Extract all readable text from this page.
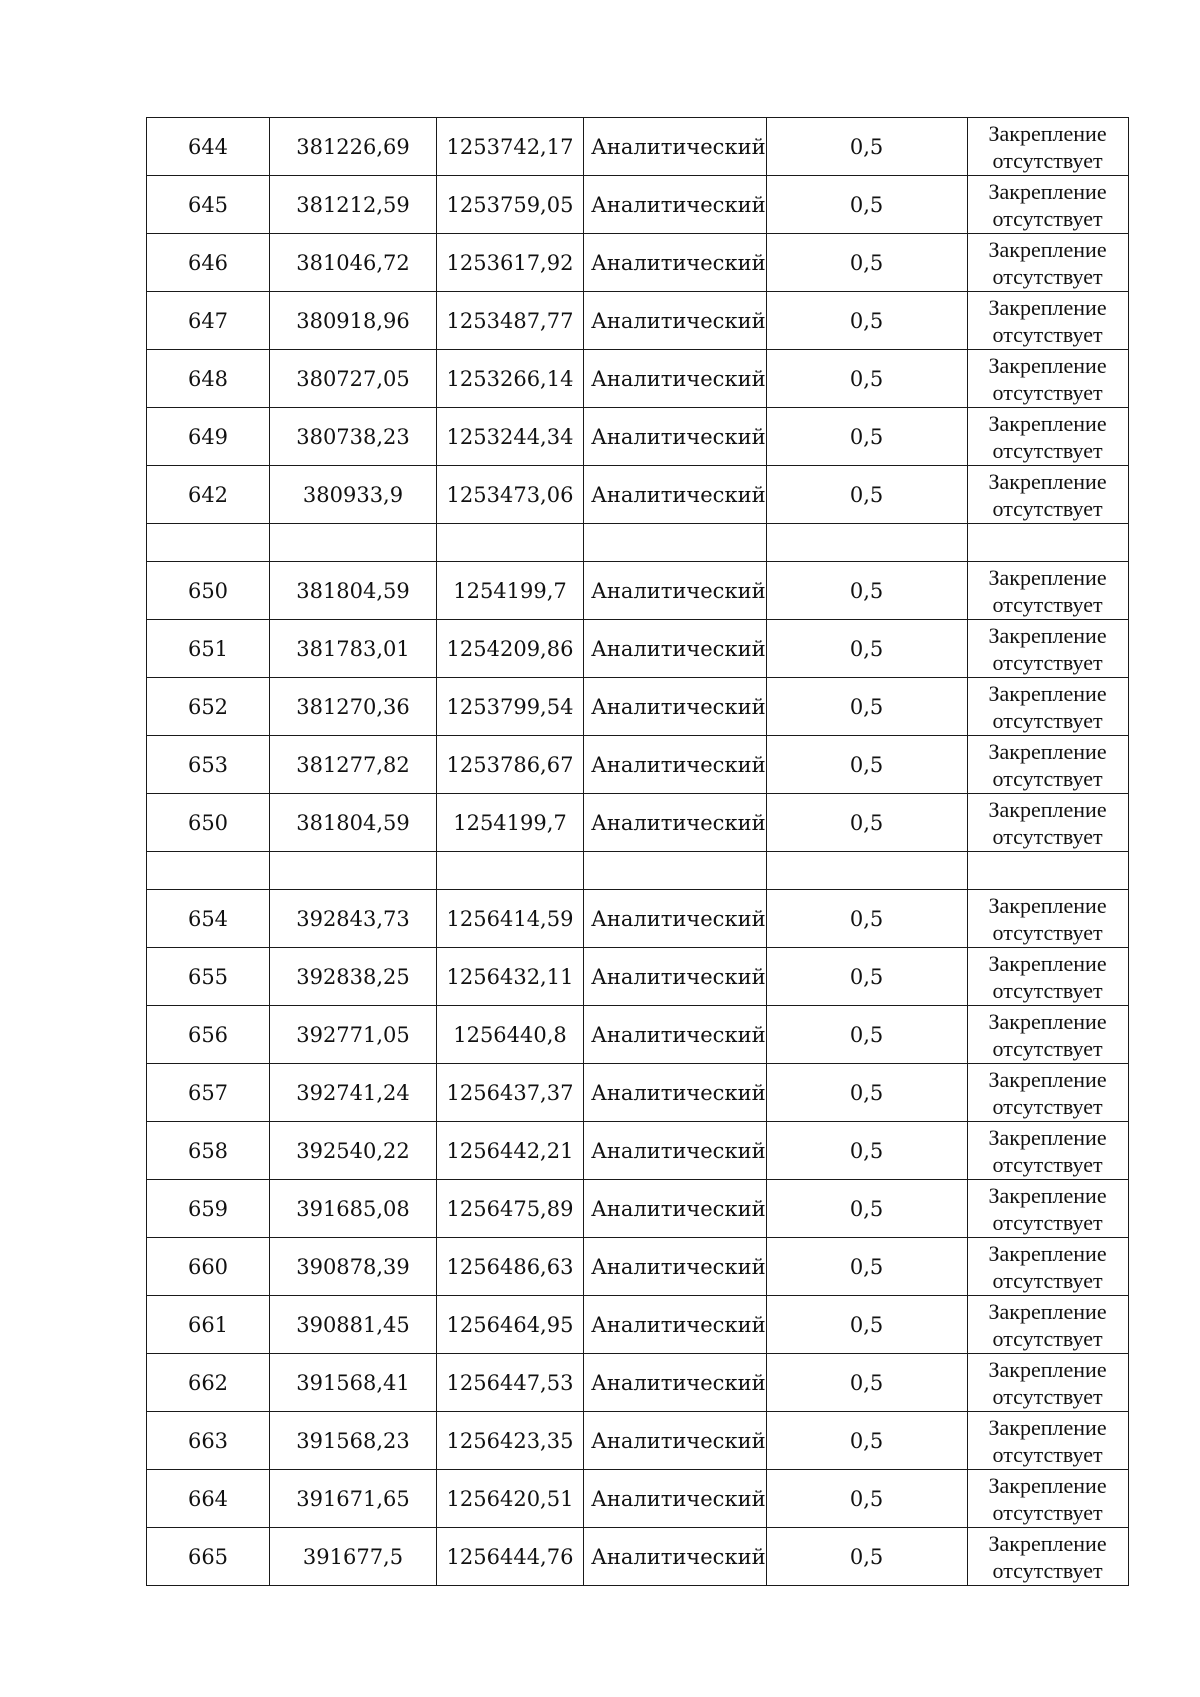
644	381226,69	1253742,17	Аналитический	0,5	Закрепление
отсутствует

645	381212,59	1253759,05	Аналитический	0,5	Закрепление
отсутствует

646	381046,72	1253617,92	Аналитический	0,5	Закрепление
отсутствует

647	380918,96	1253487,77	Аналитический	0,5	Закрепление
отсутствует

648	380727,05	1253266,14	Аналитический	0,5	Закрепление
отсутствует

649	380738,23	1253244,34	Аналитический	0,5	Закрепление
отсутствует

642	380933,9	1253473,06	Аналитический	0,5	Закрепление
отсутствует

650	381804,59	1254199,7	Аналитический	0,5	Закрепление
отсутствует

651	381783,01	1254209,86	Аналитический	0,5	Закрепление
отсутствует

652	381270,36	1253799,54	Аналитический	0,5	Закрепление
отсутствует

653	381277,82	1253786,67	Аналитический	0,5	Закрепление
отсутствует

650	381804,59	1254199,7	Аналитический	0,5	Закрепление
отсутствует

654	392843,73	1256414,59	Аналитический	0,5	Закрепление
отсутствует

655	392838,25	1256432,11	Аналитический	0,5	Закрепление
отсутствует

656	392771,05	1256440,8	Аналитический	0,5	Закрепление
отсутствует

657	392741,24	1256437,37	Аналитический	0,5	Закрепление
отсутствует

658	392540,22	1256442,21	Аналитический	0,5	Закрепление
отсутствует

659	391685,08	1256475,89	Аналитический	0,5	Закрепление
отсутствует

660	390878,39	1256486,63	Аналитический	0,5	Закрепление
отсутствует

661	390881,45	1256464,95	Аналитический	0,5	Закрепление
отсутствует

662	391568,41	1256447,53	Аналитический	0,5	Закрепление
отсутствует

663	391568,23	1256423,35	Аналитический	0,5	Закрепление
отсутствует

664	391671,65	1256420,51	Аналитический	0,5	Закрепление
отсутствует

665	391677,5	1256444,76	Аналитический	0,5	Закрепление
отсутствует
